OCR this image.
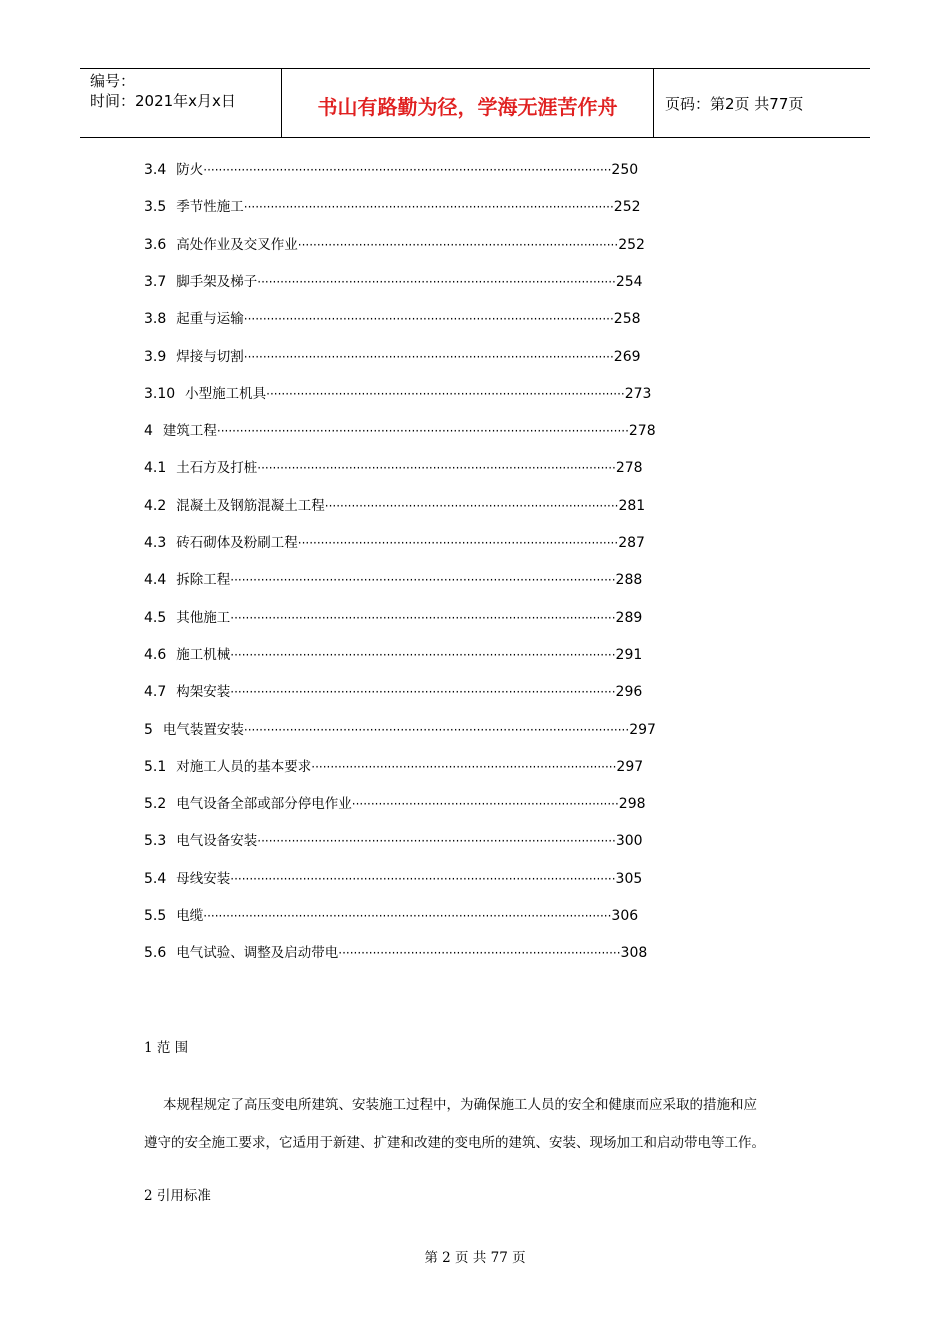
编号：
时间：2021年x月x日	书山有路勤为径，学海无涯苦作舟	页码：第2页 共77页
3.4 防火 ··········································································································· 250
3.5 季节性施工 ································································································· 252
3.6 高处作业及交叉作业 ···················································································· 252
3.7 脚手架及梯子 ······························································································ 254
3.8 起重与运输 ································································································· 258
3.9 焊接与切割 ································································································· 269
3.10 小型施工机具 ······························································································ 273
4 建筑工程 ············································································································ 278
4.1 土石方及打桩 ······························································································ 278
4.2 混凝土及钢筋混凝土工程 ············································································· 281
4.3 砖石砌体及粉刷工程 ···················································································· 287
4.4 拆除工程 ····································································································· 288
4.5 其他施工 ····································································································· 289
4.6 施工机械 ····································································································· 291
4.7 构架安装 ····································································································· 296
5 电气装置安装 ····································································································· 297
5.1 对施工人员的基本要求 ················································································ 297
5.2 电气设备全部或部分停电作业 ······································································ 298
5.3 电气设备安装 ······························································································ 300
5.4 母线安装 ····································································································· 305
5.5 电缆 ··········································································································· 306
5.6 电气试验、调整及启动带电 ·········································································· 308
1 范 围
本规程规定了高压变电所建筑、安装施工过程中，为确保施工人员的安全和健康而应采取的措施和应
遵守的安全施工要求，它适用于新建、扩建和改建的变电所的建筑、安装、现场加工和启动带电等工作。
2 引用标准
第 2 页 共 77 页
